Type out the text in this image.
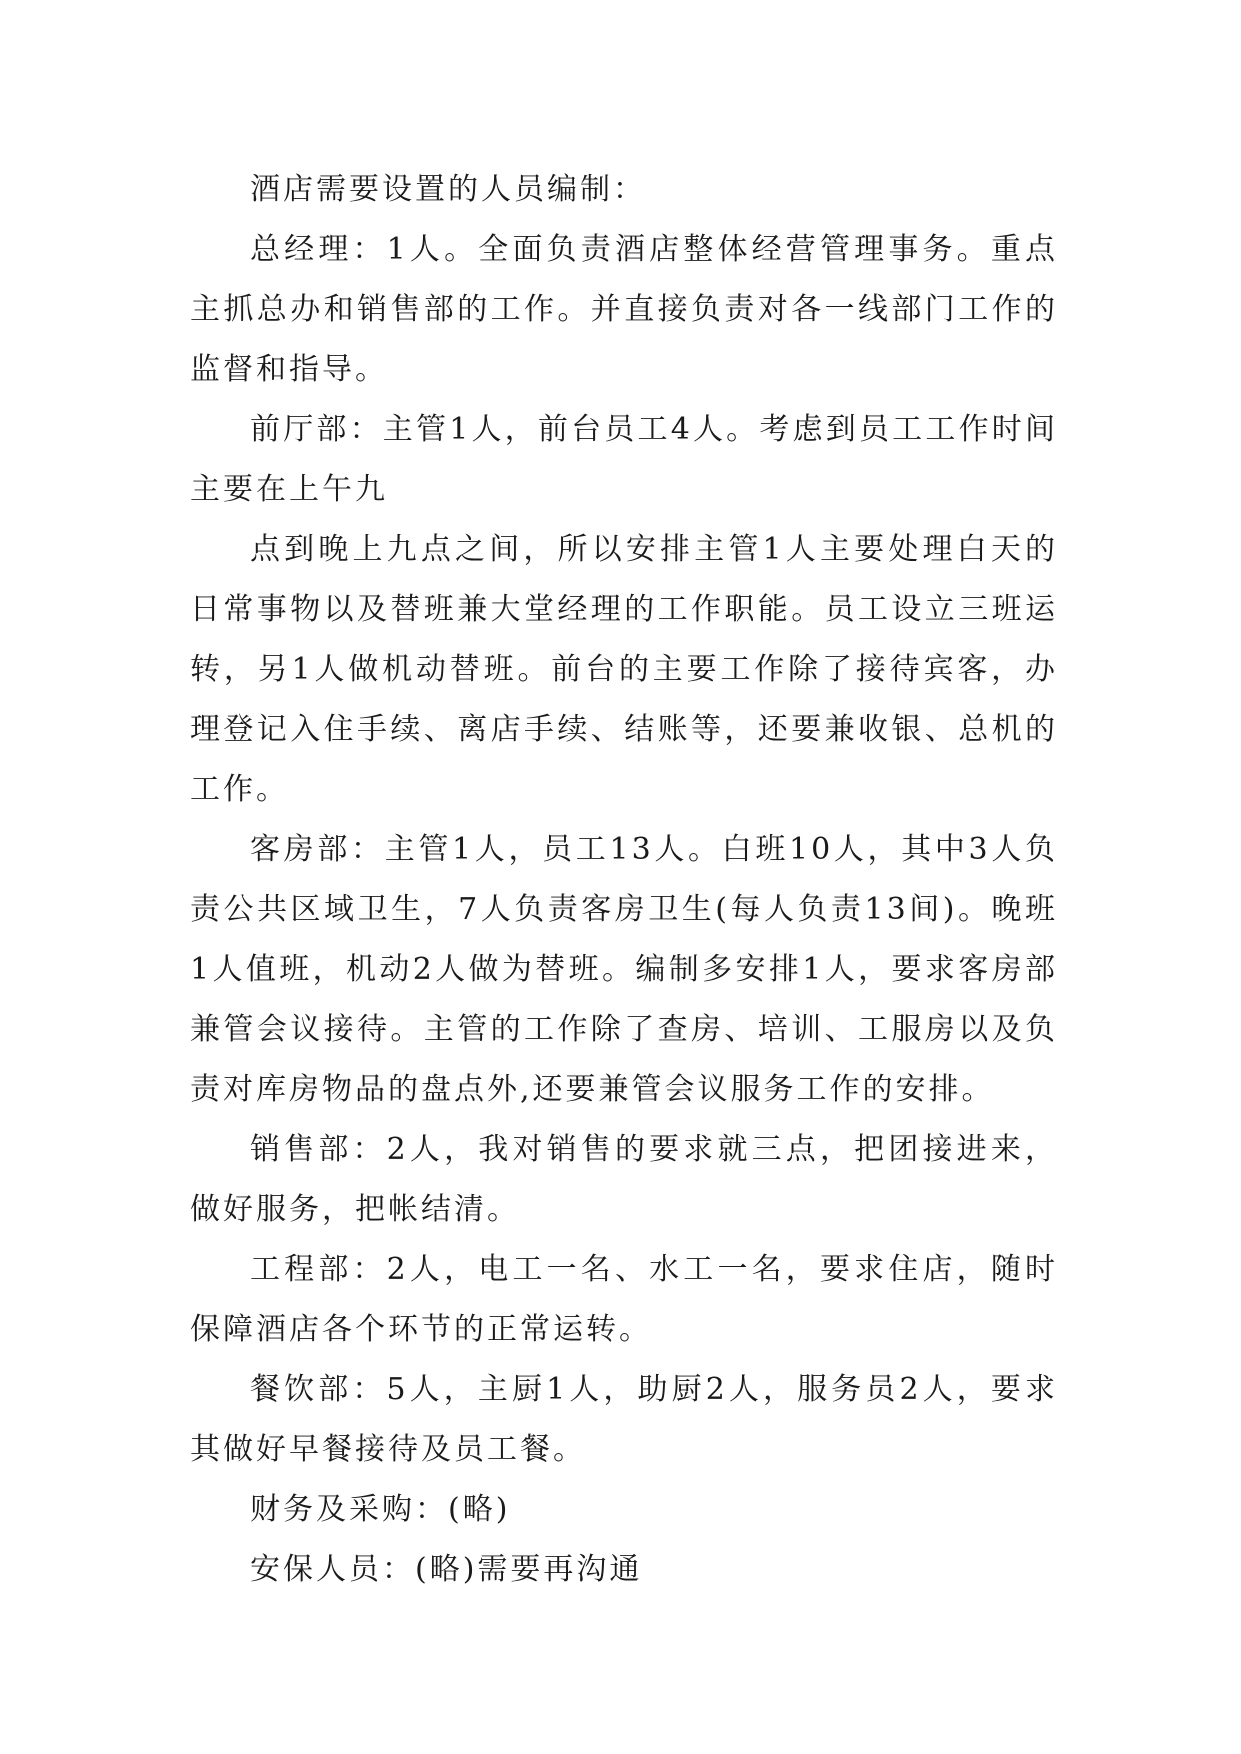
酒店需要设置的人员编制：

总经理：1人。全面负责酒店整体经营管理事务。重点主抓总办和销售部的工作。并直接负责对各一线部门工作的监督和指导。

前厅部：主管1人，前台员工4人。考虑到员工工作时间主要在上午九

点到晚上九点之间，所以安排主管1人主要处理白天的日常事物以及替班兼大堂经理的工作职能。员工设立三班运转，另1人做机动替班。前台的主要工作除了接待宾客，办理登记入住手续、离店手续、结账等，还要兼收银、总机的工作。

客房部：主管1人，员工13人。白班10人，其中3人负责公共区域卫生，7人负责客房卫生(每人负责13间)。晚班1人值班，机动2人做为替班。编制多安排1人，要求客房部兼管会议接待。主管的工作除了查房、培训、工服房以及负责对库房物品的盘点外,还要兼管会议服务工作的安排。

销售部：2人，我对销售的要求就三点，把团接进来，做好服务，把帐结清。

工程部：2人，电工一名、水工一名，要求住店，随时保障酒店各个环节的正常运转。

餐饮部：5人，主厨1人，助厨2人，服务员2人，要求其做好早餐接待及员工餐。

财务及采购：(略)

安保人员：(略)需要再沟通
